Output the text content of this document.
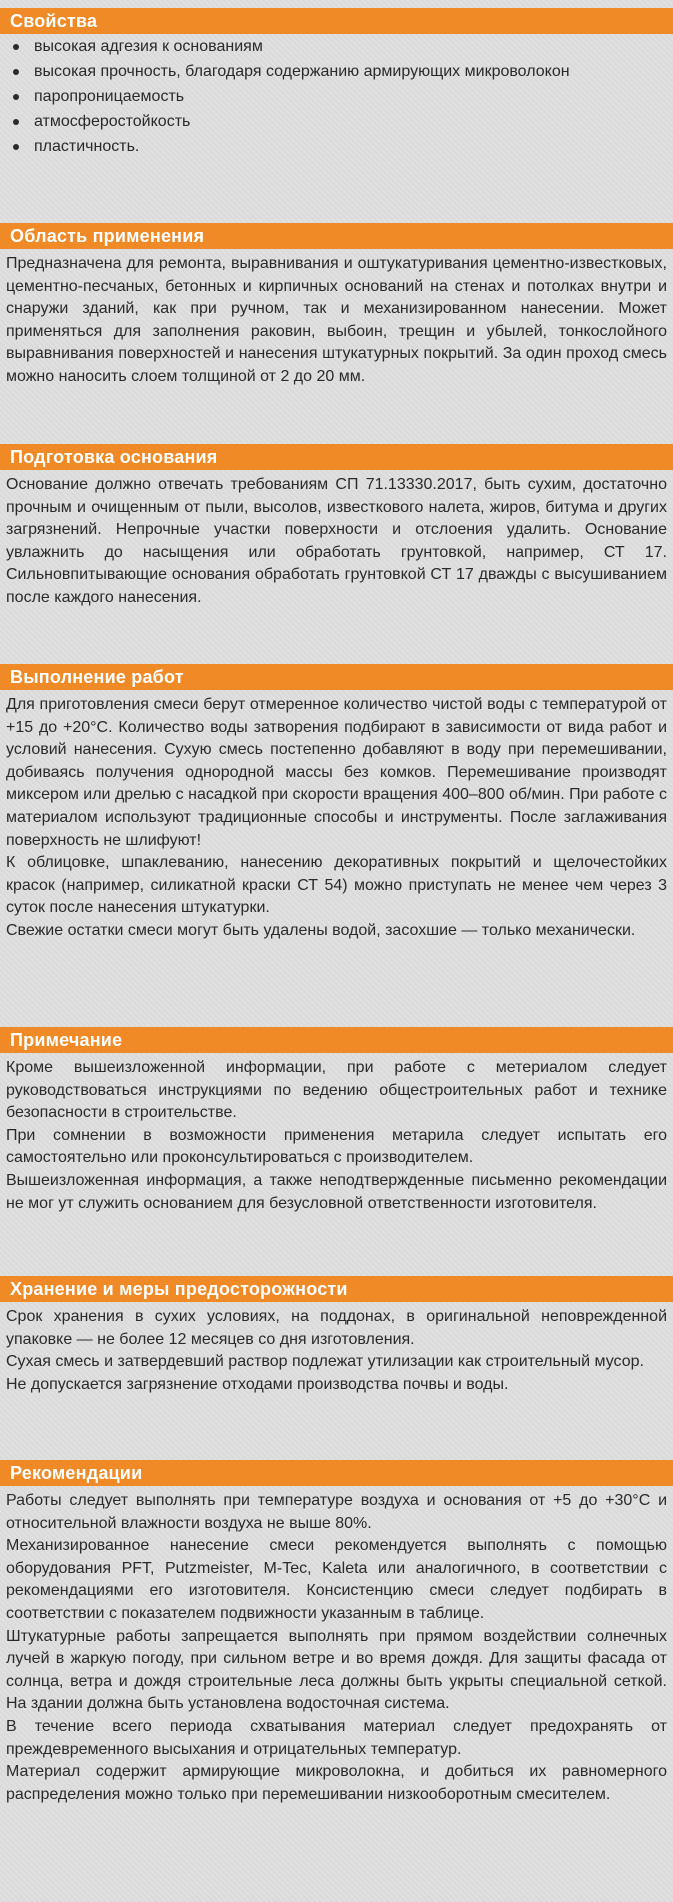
Свойства
высокая адгезия к основаниям
высокая прочность, благодаря содержанию армирующих микроволокон
паропроницаемость
атмосферостойкость
пластичность.
Область применения

Предназначена для ремонта, выравнивания и оштукатуривания цементно-известковых, цементно-песчаных, бетонных и кирпичных оснований на стенах и потолках внутри и снаружи зданий, как при ручном, так и механизированном нанесении. Может применяться для заполнения раковин, выбоин, трещин и убылей, тонкослойного выравнивания поверхностей и нанесения штукатурных покрытий. За один проход смесь можно наносить слоем толщиной от 2 до 20 мм.

Подготовка основания

Основание должно отвечать требованиям СП 71.13330.2017, быть сухим, достаточно прочным и очищенным от пыли, высолов, известкового налета, жиров, битума и других загрязнений. Непрочные участки поверхности и отслоения удалить. Основание увлажнить до насыщения или обработать грунтовкой, например, СТ 17. Сильновпитывающие основания обработать грунтовкой СТ 17 дважды с высушиванием после каждого нанесения.

Выполнение работ

Для приготовления смеси берут отмеренное количество чистой воды с температурой от +15 до +20°С. Количество воды затворения подбирают в зависимости от вида работ и условий нанесения. Сухую смесь постепенно добавляют в воду при перемешивании, добиваясь получения однородной массы без комков. Перемешивание производят миксером или дрелью с насадкой при скорости вращения 400–800 об/мин. При работе с материалом используют традиционные способы и инструменты. После заглаживания поверхность не шлифуют!

К облицовке, шпаклеванию, нанесению декоративных покрытий и щелочестойких красок (например, силикатной краски СТ 54) можно приступать не менее чем через 3 суток после нанесения штукатурки.

Свежие остатки смеси могут быть удалены водой, засохшие — только механически.

Примечание

Кроме вышеизложенной информации, при работе с метериалом следует руководствоваться инструкциями по ведению общестроительных работ и технике безопасности в строительстве.

При сомнении в возможности применения метарила следует испытать его самостоятельно или проконсультироваться с производителем.

Вышеизложенная информация, а также неподтвержденные письменно рекомендации не мог ут служить основанием для безусловной ответственности изготовителя.

Хранение и меры предосторожности

Срок хранения в сухих условиях, на поддонах, в оригинальной неповрежденной упаковке — не более 12 месяцев со дня изготовления.

Сухая смесь и затвердевший раствор подлежат утилизации как строительный мусор.

Не допускается загрязнение отходами производства почвы и воды.

Рекомендации

Работы следует выполнять при температуре воздуха и основания от +5 до +30°С и относительной влажности воздуха не выше 80%.

Механизированное нанесение смеси рекомендуется выполнять с помощью оборудования PFT, Putzmeister, M-Tec, Kaleta или аналогичного, в соответствии с рекомендациями его изготовителя. Консистенцию смеси следует подбирать в соответствии с показателем подвижности указанным в таблице.

Штукатурные работы запрещается выполнять при прямом воздействии солнечных лучей в жаркую погоду, при сильном ветре и во время дождя. Для защиты фасада от солнца, ветра и дождя строительные леса должны быть укрыты специальной сеткой. На здании должна быть установлена водосточная система.

В течение всего периода схватывания материал следует предохранять от преждевременного высыхания и отрицательных температур.

Материал содержит армирующие микроволокна, и добиться их равномерного распределения можно только при перемешивании низкооборотным смесителем.
